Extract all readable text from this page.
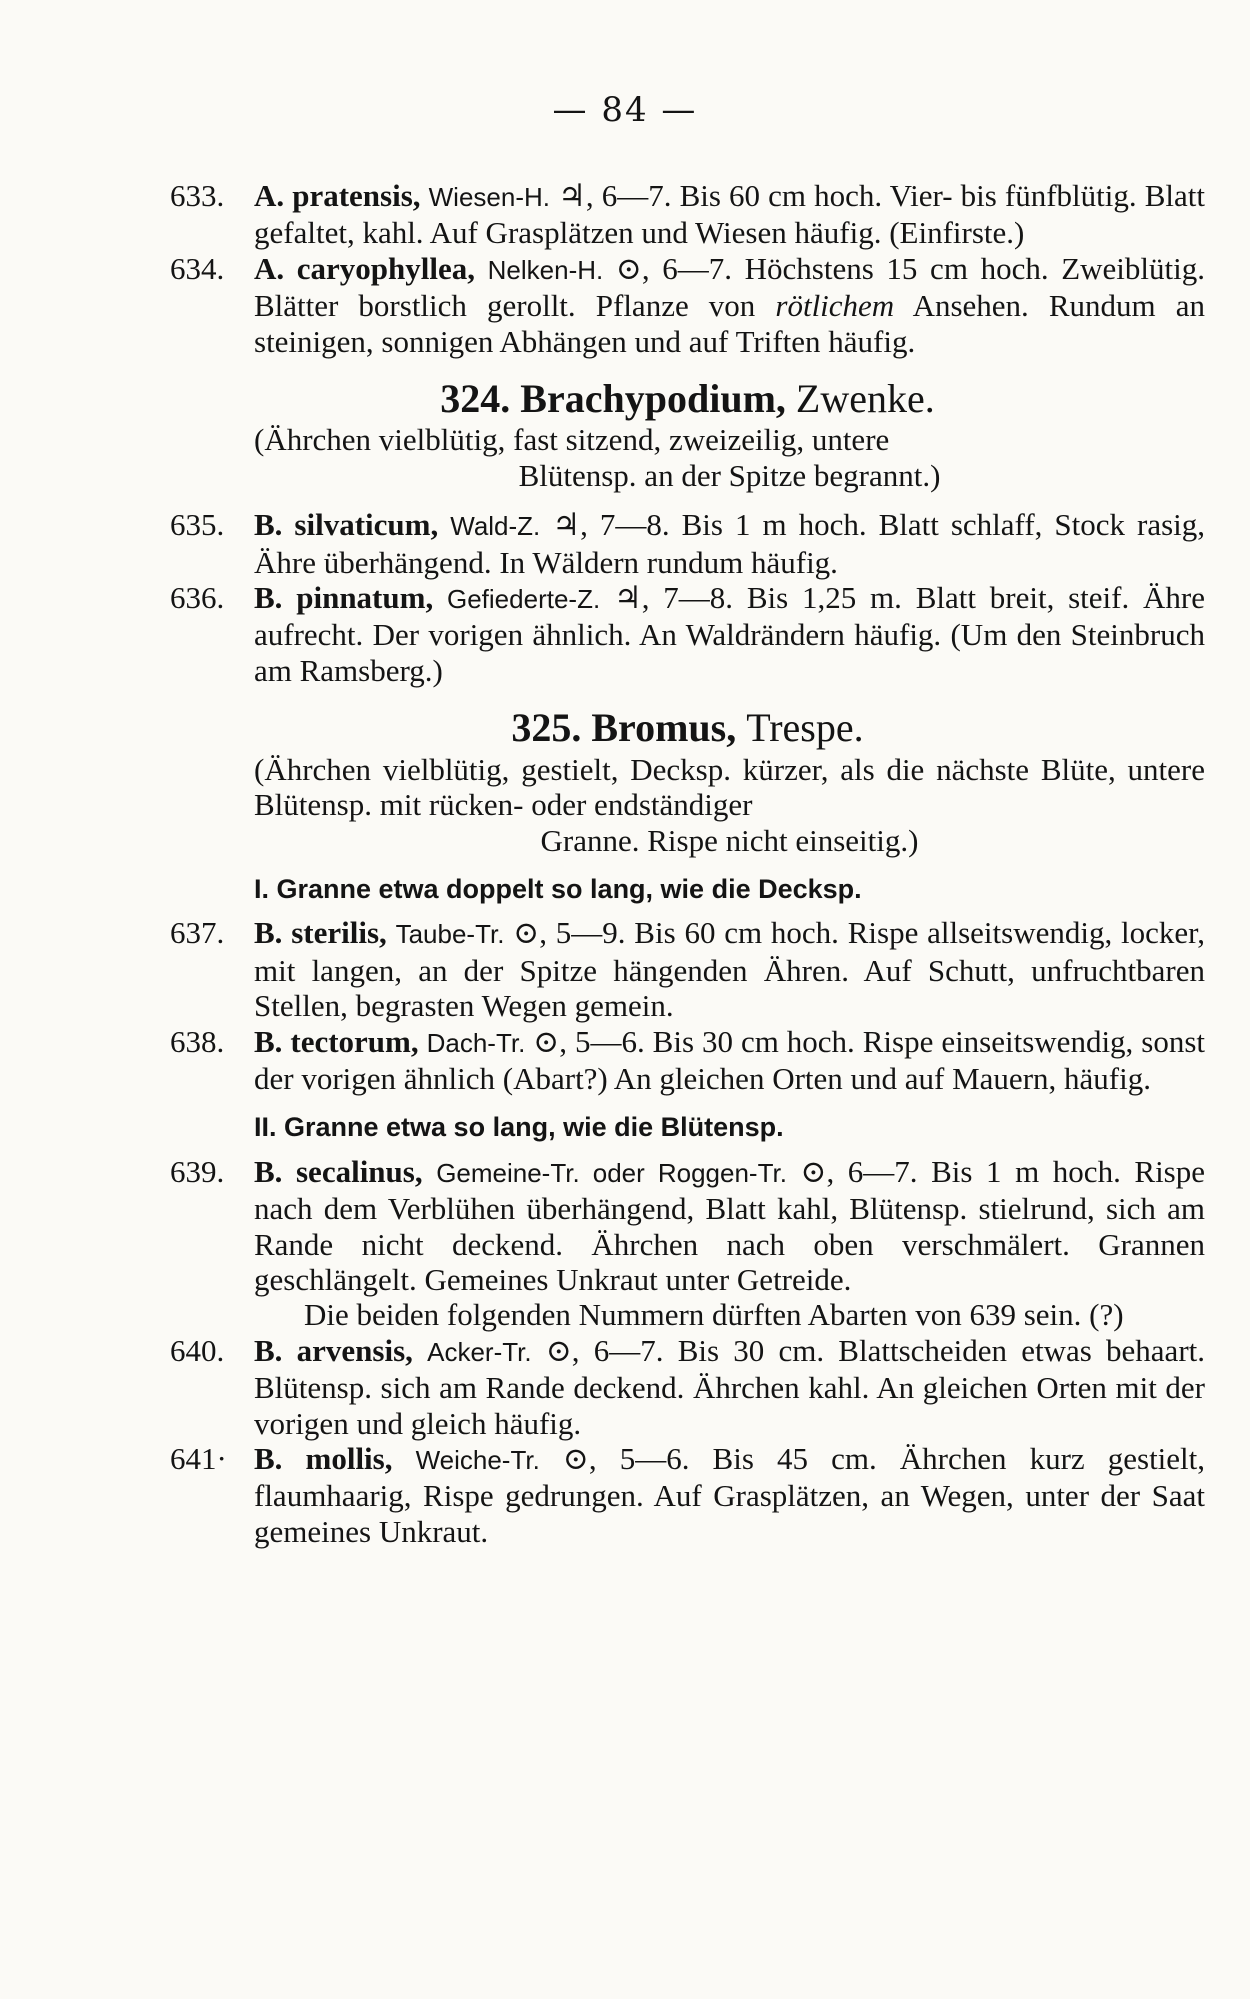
— 84 —
633. A. pratensis, Wiesen-H. ♃, 6—7. Bis 60 cm hoch. Vier- bis fünfblütig. Blatt gefaltet, kahl. Auf Grasplätzen und Wiesen häufig. (Einfirste.)
634. A. caryophyllea, Nelken-H. ⊙, 6—7. Höchstens 15 cm hoch. Zweiblütig. Blätter borstlich gerollt. Pflanze von rötlichem Ansehen. Rundum an steinigen, sonnigen Abhängen und auf Triften häufig.
324. Brachypodium, Zwenke.
(Ährchen vielblütig, fast sitzend, zweizeilig, untere
Blütensp. an der Spitze begrannt.)
635. B. silvaticum, Wald-Z. ♃, 7—8. Bis 1 m hoch. Blatt schlaff, Stock rasig, Ähre überhängend. In Wäldern rundum häufig.
636. B. pinnatum, Gefiederte-Z. ♃, 7—8. Bis 1,25 m. Blatt breit, steif. Ähre aufrecht. Der vorigen ähnlich. An Waldrändern häufig. (Um den Steinbruch am Ramsberg.)
325. Bromus, Trespe.
(Ährchen vielblütig, gestielt, Decksp. kürzer, als die nächste Blüte, untere Blütensp. mit rücken- oder endständiger
Granne. Rispe nicht einseitig.)
I. Granne etwa doppelt so lang, wie die Decksp.
637. B. sterilis, Taube-Tr. ⊙, 5—9. Bis 60 cm hoch. Rispe allseitswendig, locker, mit langen, an der Spitze hängenden Ähren. Auf Schutt, unfruchtbaren Stellen, begrasten Wegen gemein.
638. B. tectorum, Dach-Tr. ⊙, 5—6. Bis 30 cm hoch. Rispe einseitswendig, sonst der vorigen ähnlich (Abart?) An gleichen Orten und auf Mauern, häufig.
II. Granne etwa so lang, wie die Blütensp.
639. B. secalinus, Gemeine-Tr. oder Roggen-Tr. ⊙, 6—7. Bis 1 m hoch. Rispe nach dem Verblühen überhängend, Blatt kahl, Blütensp. stielrund, sich am Rande nicht deckend. Ährchen nach oben verschmälert. Grannen geschlängelt. Gemeines Unkraut unter Getreide.
Die beiden folgenden Nummern dürften Abarten von 639 sein. (?)
640. B. arvensis, Acker-Tr. ⊙, 6—7. Bis 30 cm. Blattscheiden etwas behaart. Blütensp. sich am Rande deckend. Ährchen kahl. An gleichen Orten mit der vorigen und gleich häufig.
641· B. mollis, Weiche-Tr. ⊙, 5—6. Bis 45 cm. Ährchen kurz gestielt, flaumhaarig, Rispe gedrungen. Auf Grasplätzen, an Wegen, unter der Saat gemeines Unkraut.
